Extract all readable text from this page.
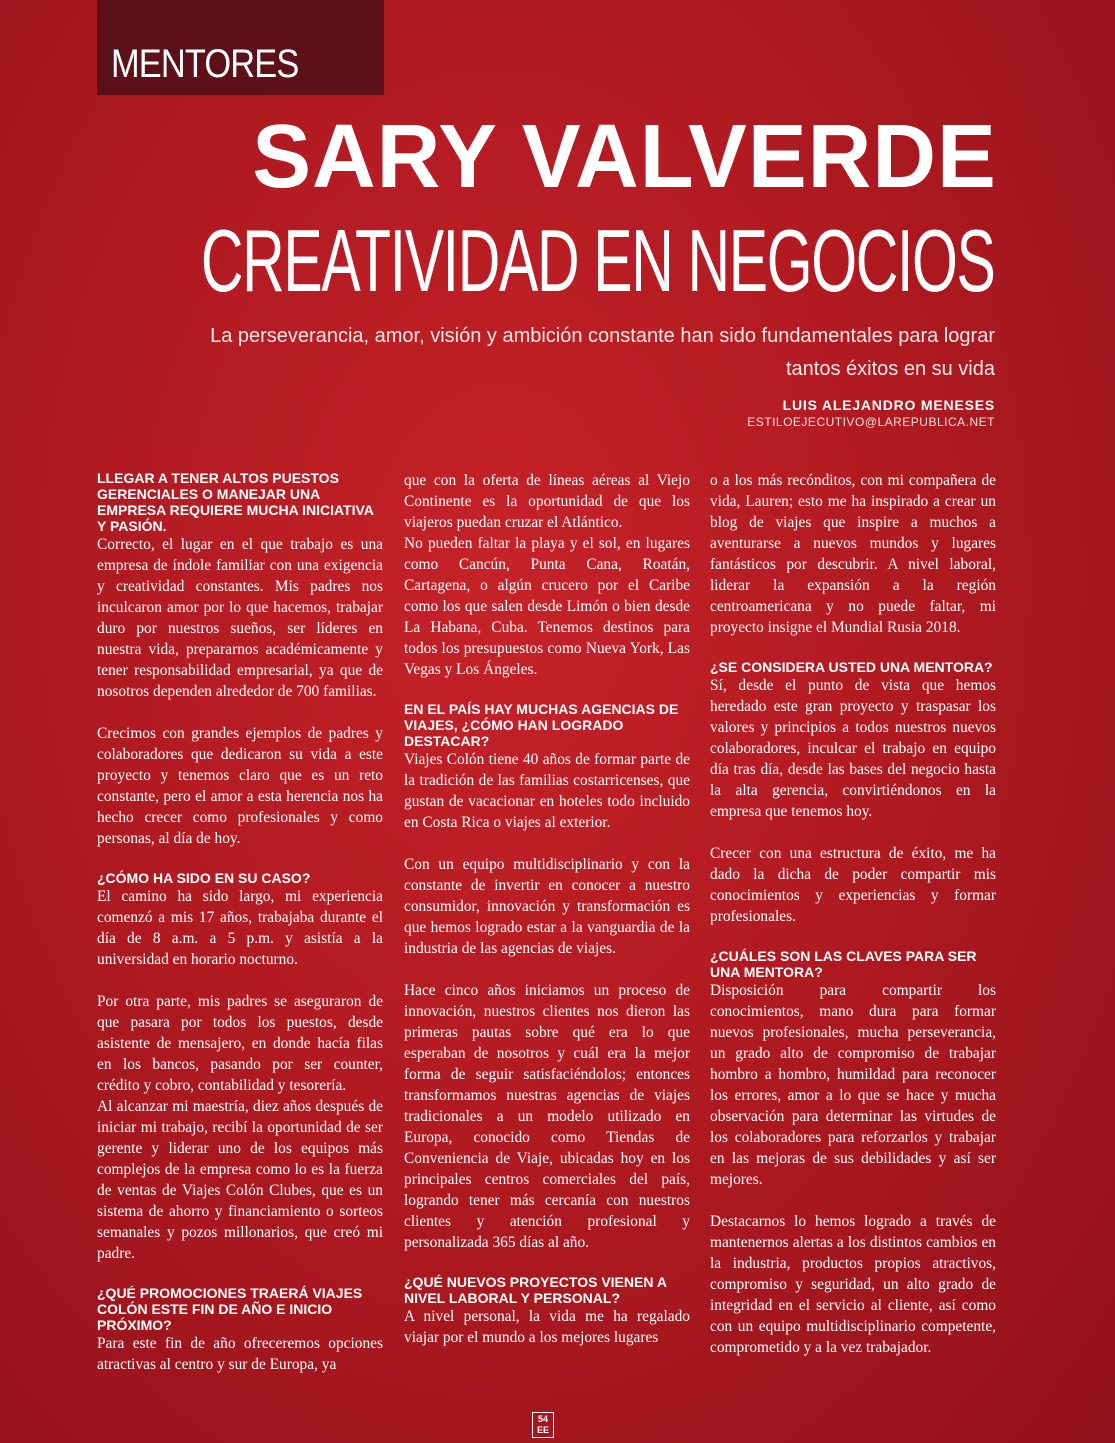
MENTORES
SARY VALVERDE
CREATIVIDAD EN NEGOCIOS
La perseverancia, amor, visión y ambición constante han sido fundamentales para lograr tantos éxitos en su vida
LUIS ALEJANDRO MENESES
ESTILOEJECUTIVO@LAREPUBLICA.NET
LLEGAR A TENER ALTOS PUESTOS GERENCIALES O MANEJAR UNA EMPRESA REQUIERE MUCHA INICIATIVA Y PASIÓN.

Correcto, el lugar en el que trabajo es una empresa de índole familiar con una exigencia y creatividad constantes. Mis padres nos inculcaron amor por lo que hacemos, trabajar duro por nuestros sueños, ser líderes en nuestra vida, prepararnos académicamente y tener responsabilidad empresarial, ya que de nosotros dependen alrededor de 700 familias.

Crecimos con grandes ejemplos de padres y colaboradores que dedicaron su vida a este proyecto y tenemos claro que es un reto constante, pero el amor a esta herencia nos ha hecho crecer como profesionales y como personas, al día de hoy.

¿CÓMO HA SIDO EN SU CASO?

El camino ha sido largo, mi experiencia comenzó a mis 17 años, trabajaba durante el día de 8 a.m. a 5 p.m. y asistía a la universidad en horario nocturno.

Por otra parte, mis padres se aseguraron de que pasara por todos los puestos, desde asistente de mensajero, en donde hacía filas en los bancos, pasando por ser counter, crédito y cobro, contabilidad y tesorería.

Al alcanzar mi maestría, diez años después de iniciar mi trabajo, recibí la oportunidad de ser gerente y liderar uno de los equipos más complejos de la empresa como lo es la fuerza de ventas de Viajes Colón Clubes, que es un sistema de ahorro y financiamiento o sorteos semanales y pozos millonarios, que creó mi padre.

¿QUÉ PROMOCIONES TRAERÁ VIAJES COLÓN ESTE FIN DE AÑO E INICIO PRÓXIMO?

Para este fin de año ofreceremos opciones atractivas al centro y sur de Europa, ya

que con la oferta de líneas aéreas al Viejo Continente es la oportunidad de que los viajeros puedan cruzar el Atlántico.

No pueden faltar la playa y el sol, en lugares como Cancún, Punta Cana, Roatán, Cartagena, o algún crucero por el Caribe como los que salen desde Limón o bien desde La Habana, Cuba. Tenemos destinos para todos los presupuestos como Nueva York, Las Vegas y Los Ángeles.

EN EL PAÍS HAY MUCHAS AGENCIAS DE VIAJES, ¿CÓMO HAN LOGRADO DESTACAR?

Viajes Colón tiene 40 años de formar parte de la tradición de las familias costarricenses, que gustan de vacacionar en hoteles todo incluido en Costa Rica o viajes al exterior.

Con un equipo multidisciplinario y con la constante de invertir en conocer a nuestro consumidor, innovación y transformación es que hemos logrado estar a la vanguardia de la industria de las agencias de viajes.

Hace cinco años iniciamos un proceso de innovación, nuestros clientes nos dieron las primeras pautas sobre qué era lo que esperaban de nosotros y cuál era la mejor forma de seguir satisfaciéndolos; entonces transformamos nuestras agencias de viajes tradicionales a un modelo utilizado en Europa, conocido como Tiendas de Conveniencia de Viaje, ubicadas hoy en los principales centros comerciales del país, logrando tener más cercanía con nuestros clientes y atención profesional y personalizada 365 días al año.

¿QUÉ NUEVOS PROYECTOS VIENEN A NIVEL LABORAL Y PERSONAL?

A nivel personal, la vida me ha regalado viajar por el mundo a los mejores lugares

o a los más recónditos, con mi compañera de vida, Lauren; esto me ha inspirado a crear un blog de viajes que inspire a muchos a aventurarse a nuevos mundos y lugares fantásticos por descubrir. A nivel laboral, liderar la expansión a la región centroamericana y no puede faltar, mi proyecto insigne el Mundial Rusia 2018.

¿SE CONSIDERA USTED UNA MENTORA?

Sí, desde el punto de vista que hemos heredado este gran proyecto y traspasar los valores y principios a todos nuestros nuevos colaboradores, inculcar el trabajo en equipo día tras día, desde las bases del negocio hasta la alta gerencia, convirtiéndonos en la empresa que tenemos hoy.

Crecer con una estructura de éxito, me ha dado la dicha de poder compartir mis conocimientos y experiencias y formar profesionales.

¿CUÁLES SON LAS CLAVES PARA SER UNA MENTORA?

Disposición para compartir los conocimientos, mano dura para formar nuevos profesionales, mucha perseverancia, un grado alto de compromiso de trabajar hombro a hombro, humildad para reconocer los errores, amor a lo que se hace y mucha observación para determinar las virtudes de los colaboradores para reforzarlos y trabajar en las mejoras de sus debilidades y así ser mejores.

Destacarnos lo hemos logrado a través de mantenernos alertas a los distintos cambios en la industria, productos propios atractivos, compromiso y seguridad, un alto grado de integridad en el servicio al cliente, así como con un equipo multidisciplinario competente, comprometido y a la vez trabajador.

54
EE
